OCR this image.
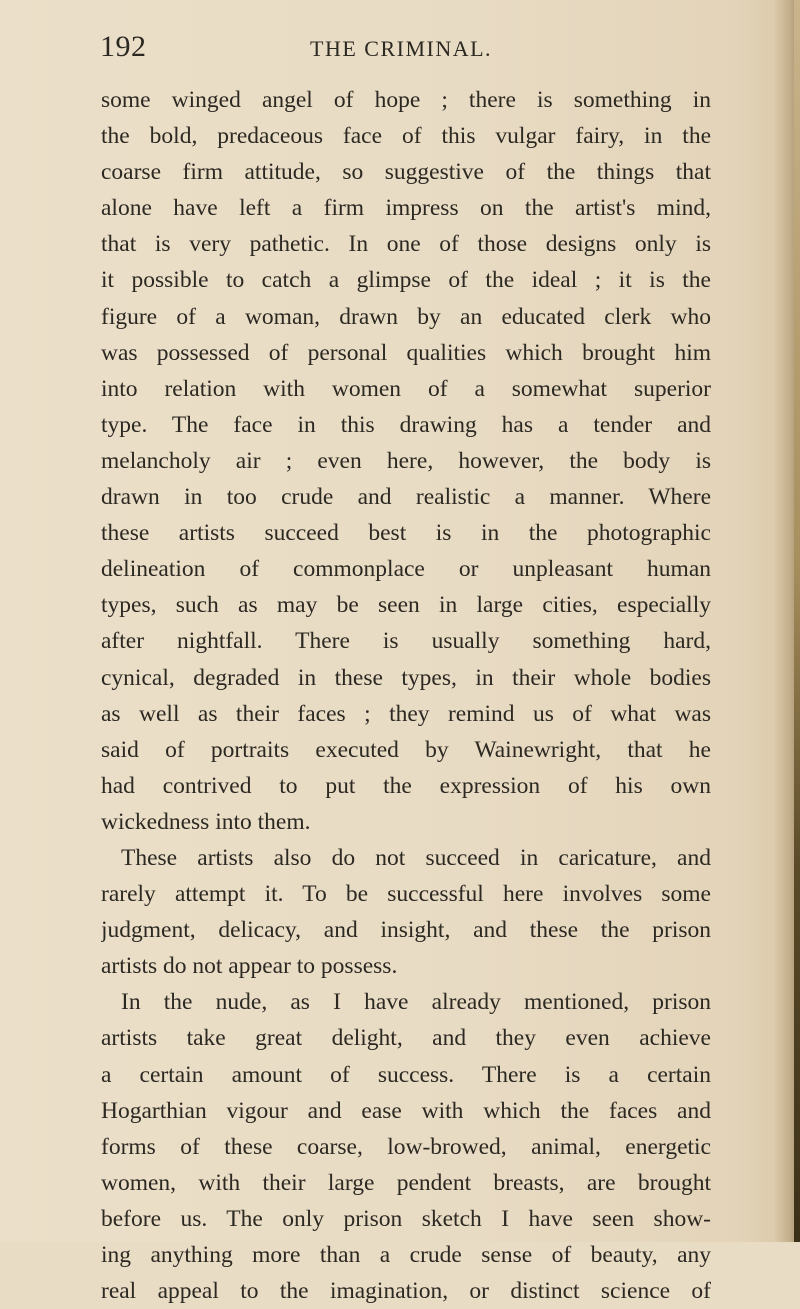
192	THE CRIMINAL.
some winged angel of hope ; there is something in
the bold, predaceous face of this vulgar fairy, in the
coarse firm attitude, so suggestive of the things that
alone have left a firm impress on the artist's mind,
that is very pathetic. In one of those designs only is
it possible to catch a glimpse of the ideal ; it is the
figure of a woman, drawn by an educated clerk who
was possessed of personal qualities which brought him
into relation with women of a somewhat superior
type. The face in this drawing has a tender and
melancholy air ; even here, however, the body is
drawn in too crude and realistic a manner. Where
these artists succeed best is in the photographic
delineation of commonplace or unpleasant human
types, such as may be seen in large cities, especially
after nightfall. There is usually something hard,
cynical, degraded in these types, in their whole bodies
as well as their faces ; they remind us of what was
said of portraits executed by Wainewright, that he
had contrived to put the expression of his own
wickedness into them.
These artists also do not succeed in caricature, and
rarely attempt it. To be successful here involves some
judgment, delicacy, and insight, and these the prison
artists do not appear to possess.
In the nude, as I have already mentioned, prison
artists take great delight, and they even achieve
a certain amount of success. There is a certain
Hogarthian vigour and ease with which the faces and
forms of these coarse, low-browed, animal, energetic
women, with their large pendent breasts, are brought
before us. The only prison sketch I have seen show-
ing anything more than a crude sense of beauty, any
real appeal to the imagination, or distinct science of
